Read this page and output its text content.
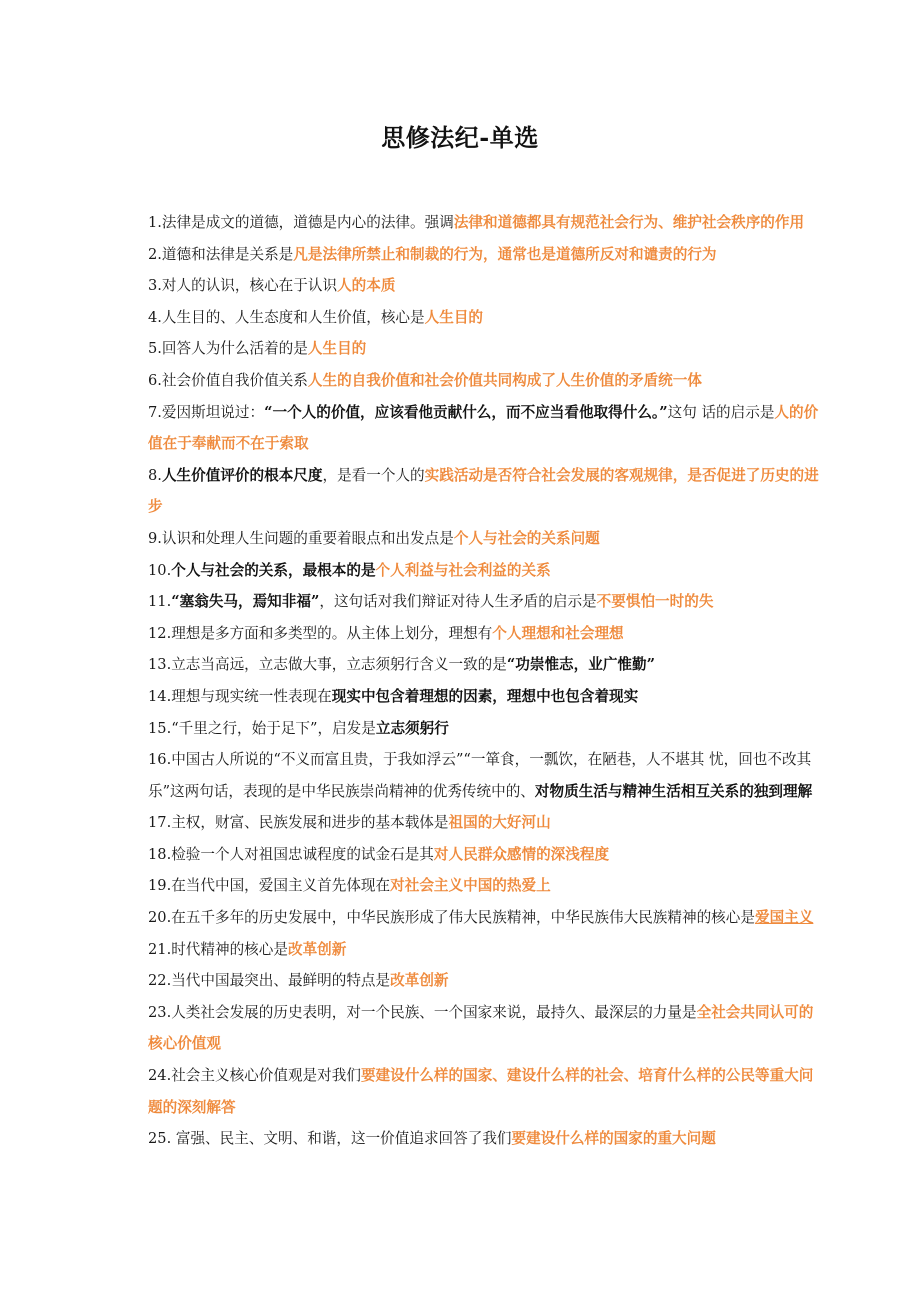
思修法纪-单选
1.法律是成文的道德，道德是内心的法律。强调法律和道德都具有规范社会行为、维护社会秩序的作用
2.道德和法律是关系是凡是法律所禁止和制裁的行为，通常也是道德所反对和谴责的行为
3.对人的认识，核心在于认识人的本质
4.人生目的、人生态度和人生价值，核心是人生目的
5.回答人为什么活着的是人生目的
6.社会价值自我价值关系人生的自我价值和社会价值共同构成了人生价值的矛盾统一体
7.爱因斯坦说过：“一个人的价值，应该看他贡献什么，而不应当看他取得什么。”这句 话的启示是人的价值在于奉献而不在于索取
8.人生价值评价的根本尺度，是看一个人的实践活动是否符合社会发展的客观规律，是否促进了历史的进步
9.认识和处理人生问题的重要着眼点和出发点是个人与社会的关系问题
10.个人与社会的关系，最根本的是个人利益与社会利益的关系
11.“塞翁失马，焉知非福”，这句话对我们辩证对待人生矛盾的启示是不要惧怕一时的失
12.理想是多方面和多类型的。从主体上划分，理想有个人理想和社会理想
13.立志当高远，立志做大事，立志须躬行含义一致的是“功崇惟志，业广惟勤”
14.理想与现实统一性表现在现实中包含着理想的因素，理想中也包含着现实
15.“千里之行，始于足下”，启发是立志须躬行
16.中国古人所说的“不义而富且贵，于我如浮云”“一箪食，一瓢饮，在陋巷，人不堪其 忧，回也不改其乐”这两句话，表现的是中华民族崇尚精神的优秀传统中的、对物质生活与精神生活相互关系的独到理解
17.主权，财富、民族发展和进步的基本载体是祖国的大好河山
18.检验一个人对祖国忠诚程度的试金石是其对人民群众感情的深浅程度
19.在当代中国，爱国主义首先体现在对社会主义中国的热爱上
20.在五千多年的历史发展中，中华民族形成了伟大民族精神，中华民族伟大民族精神的核心是爱国主义
21.时代精神的核心是改革创新
22.当代中国最突出、最鲜明的特点是改革创新
23.人类社会发展的历史表明，对一个民族、一个国家来说，最持久、最深层的力量是全社会共同认可的核心价值观
24.社会主义核心价值观是对我们要建设什么样的国家、建设什么样的社会、培育什么样的公民等重大问题的深刻解答
25. 富强、民主、文明、和谐，这一价值追求回答了我们要建设什么样的国家的重大问题
